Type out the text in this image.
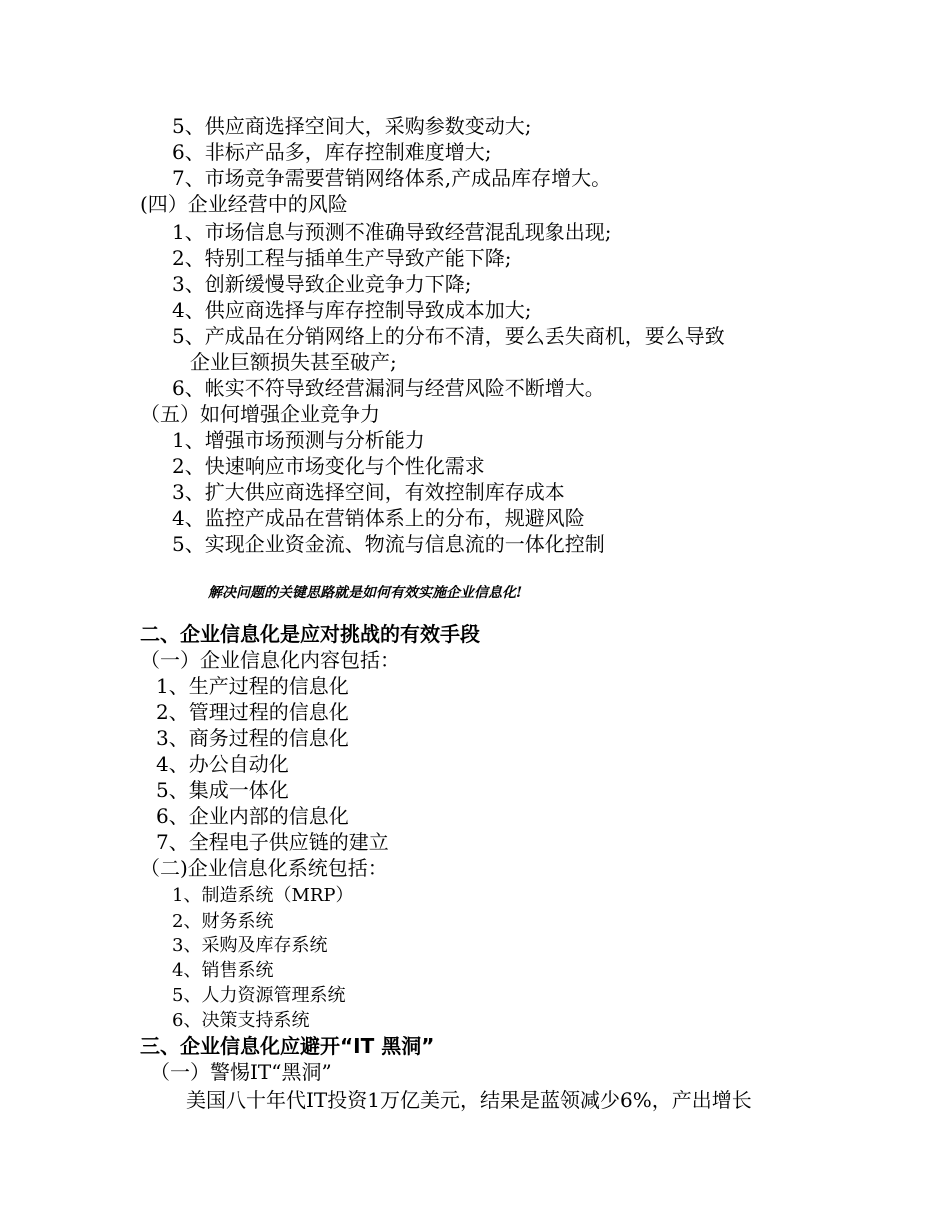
5、供应商选择空间大，采购参数变动大;
6、非标产品多，库存控制难度增大;
7、市场竞争需要营销网络体系,产成品库存增大。
(四）企业经营中的风险
1、市场信息与预测不准确导致经营混乱现象出现;
2、特别工程与插单生产导致产能下降;
3、创新缓慢导致企业竞争力下降;
4、供应商选择与库存控制导致成本加大;
5、产成品在分销网络上的分布不清，要么丢失商机，要么导致
企业巨额损失甚至破产;
6、帐实不符导致经营漏洞与经营风险不断增大。
（五）如何增强企业竞争力
1、增强市场预测与分析能力
2、快速响应市场变化与个性化需求
3、扩大供应商选择空间，有效控制库存成本
4、监控产成品在营销体系上的分布，规避风险
5、实现企业资金流、物流与信息流的一体化控制
解决问题的关键思路就是如何有效实施企业信息化!
二、企业信息化是应对挑战的有效手段
（一）企业信息化内容包括：
1、生产过程的信息化
2、管理过程的信息化
3、商务过程的信息化
4、办公自动化
5、集成一体化
6、企业内部的信息化
7、全程电子供应链的建立
（二)企业信息化系统包括：
1、制造系统（MRP）
2、财务系统
3、采购及库存系统
4、销售系统
5、人力资源管理系统
6、决策支持系统
三、企业信息化应避开“IT 黑洞”
（一）警惕IT“黑洞”
美国八十年代IT投资1万亿美元，结果是蓝领减少6%，产出增长
